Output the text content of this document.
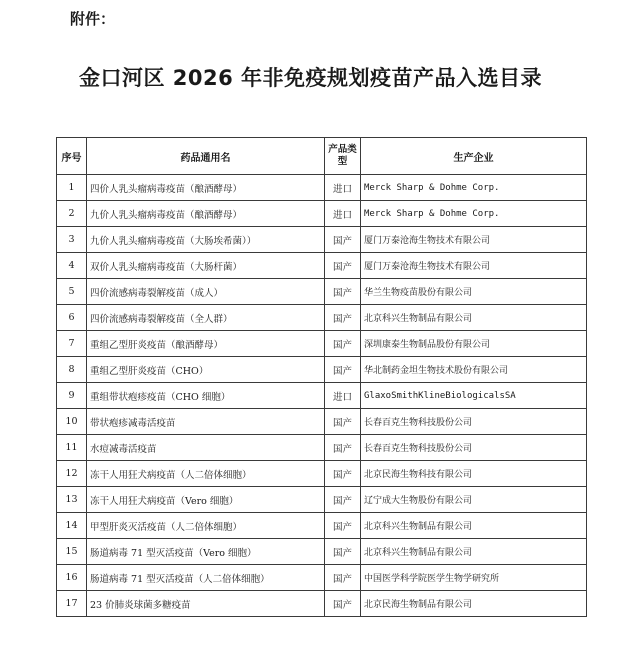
附件：
金口河区 2026 年非免疫规划疫苗产品入选目录
序号	药品通用名	产品类型	生产企业
1	四价人乳头瘤病毒疫苗（酿酒酵母）	进口	Merck Sharp & Dohme Corp.
2	九价人乳头瘤病毒疫苗（酿酒酵母）	进口	Merck Sharp & Dohme Corp.
3	九价人乳头瘤病毒疫苗（大肠埃希菌））	国产	厦门万泰沧海生物技术有限公司
4	双价人乳头瘤病毒疫苗（大肠杆菌）	国产	厦门万泰沧海生物技术有限公司
5	四价流感病毒裂解疫苗（成人）	国产	华兰生物疫苗股份有限公司
6	四价流感病毒裂解疫苗（全人群）	国产	北京科兴生物制品有限公司
7	重组乙型肝炎疫苗（酿酒酵母）	国产	深圳康泰生物制品股份有限公司
8	重组乙型肝炎疫苗（CHO）	国产	华北制药金坦生物技术股份有限公司
9	重组带状疱疹疫苗（CHO 细胞）	进口	GlaxoSmithKlineBiologicalsSA
10	带状疱疹减毒活疫苗	国产	长春百克生物科技股份公司
11	水痘减毒活疫苗	国产	长春百克生物科技股份公司
12	冻干人用狂犬病疫苗（人二倍体细胞）	国产	北京民海生物科技有限公司
13	冻干人用狂犬病疫苗（Vero 细胞）	国产	辽宁成大生物股份有限公司
14	甲型肝炎灭活疫苗（人二倍体细胞）	国产	北京科兴生物制品有限公司
15	肠道病毒 71 型灭活疫苗（Vero 细胞）	国产	北京科兴生物制品有限公司
16	肠道病毒 71 型灭活疫苗（人二倍体细胞）	国产	中国医学科学院医学生物学研究所
17	23 价肺炎球菌多糖疫苗	国产	北京民海生物制品有限公司
